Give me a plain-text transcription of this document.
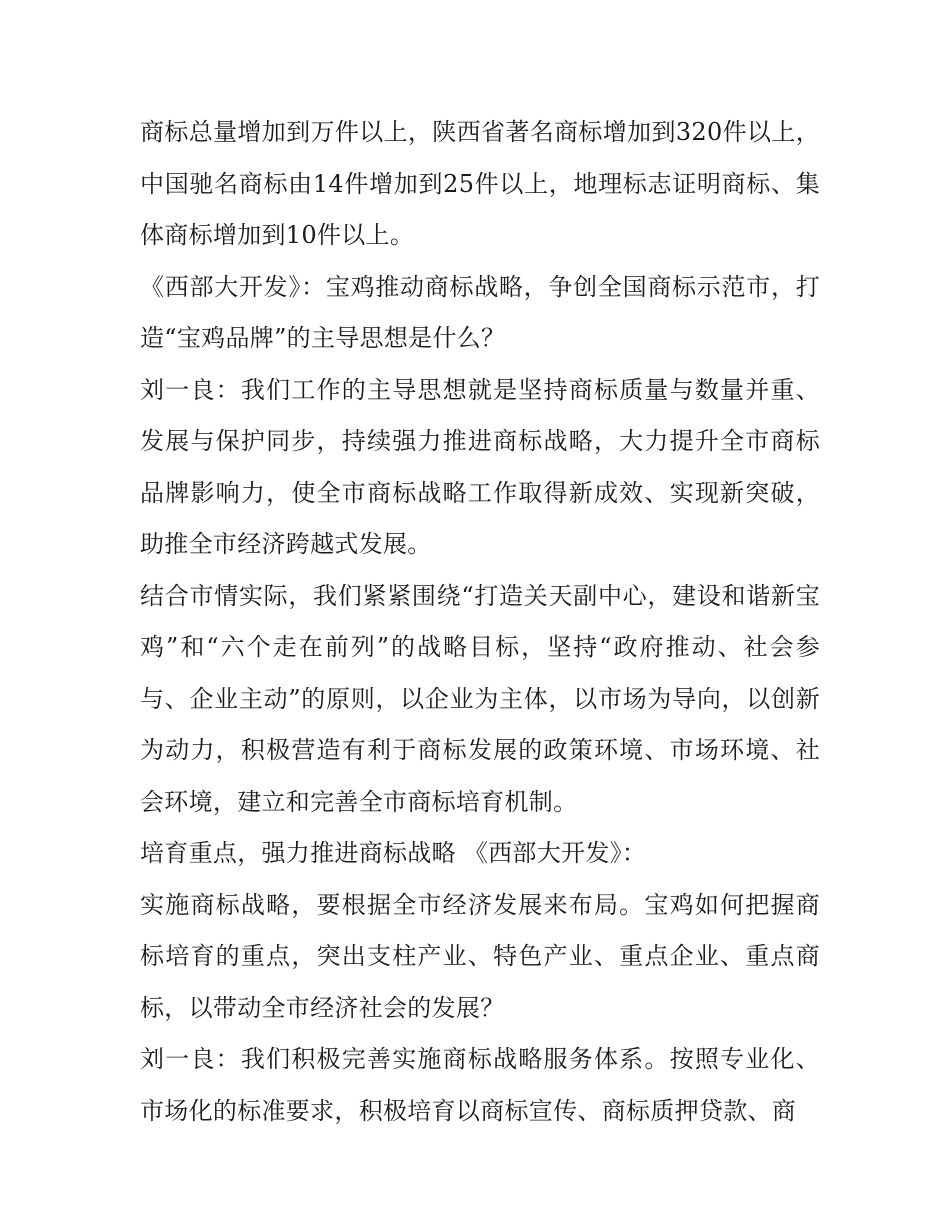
商标总量增加到万件以上，陕西省著名商标增加到320件以上，中国驰名商标由14件增加到25件以上，地理标志证明商标、集体商标增加到10件以上。

《西部大开发》：宝鸡推动商标战略，争创全国商标示范市，打造“宝鸡品牌”的主导思想是什么？

刘一良：我们工作的主导思想就是坚持商标质量与数量并重、发展与保护同步，持续强力推进商标战略，大力提升全市商标品牌影响力，使全市商标战略工作取得新成效、实现新突破，助推全市经济跨越式发展。

结合市情实际，我们紧紧围绕“打造关天副中心，建设和谐新宝鸡”和“六个走在前列”的战略目标，坚持“政府推动、社会参与、企业主动”的原则，以企业为主体，以市场为导向，以创新为动力，积极营造有利于商标发展的政策环境、市场环境、社会环境，建立和完善全市商标培育机制。

培育重点，强力推进商标战略 《西部大开发》：

实施商标战略，要根据全市经济发展来布局。宝鸡如何把握商标培育的重点，突出支柱产业、特色产业、重点企业、重点商标，以带动全市经济社会的发展？

刘一良：我们积极完善实施商标战略服务体系。按照专业化、市场化的标准要求，积极培育以商标宣传、商标质押贷款、商
